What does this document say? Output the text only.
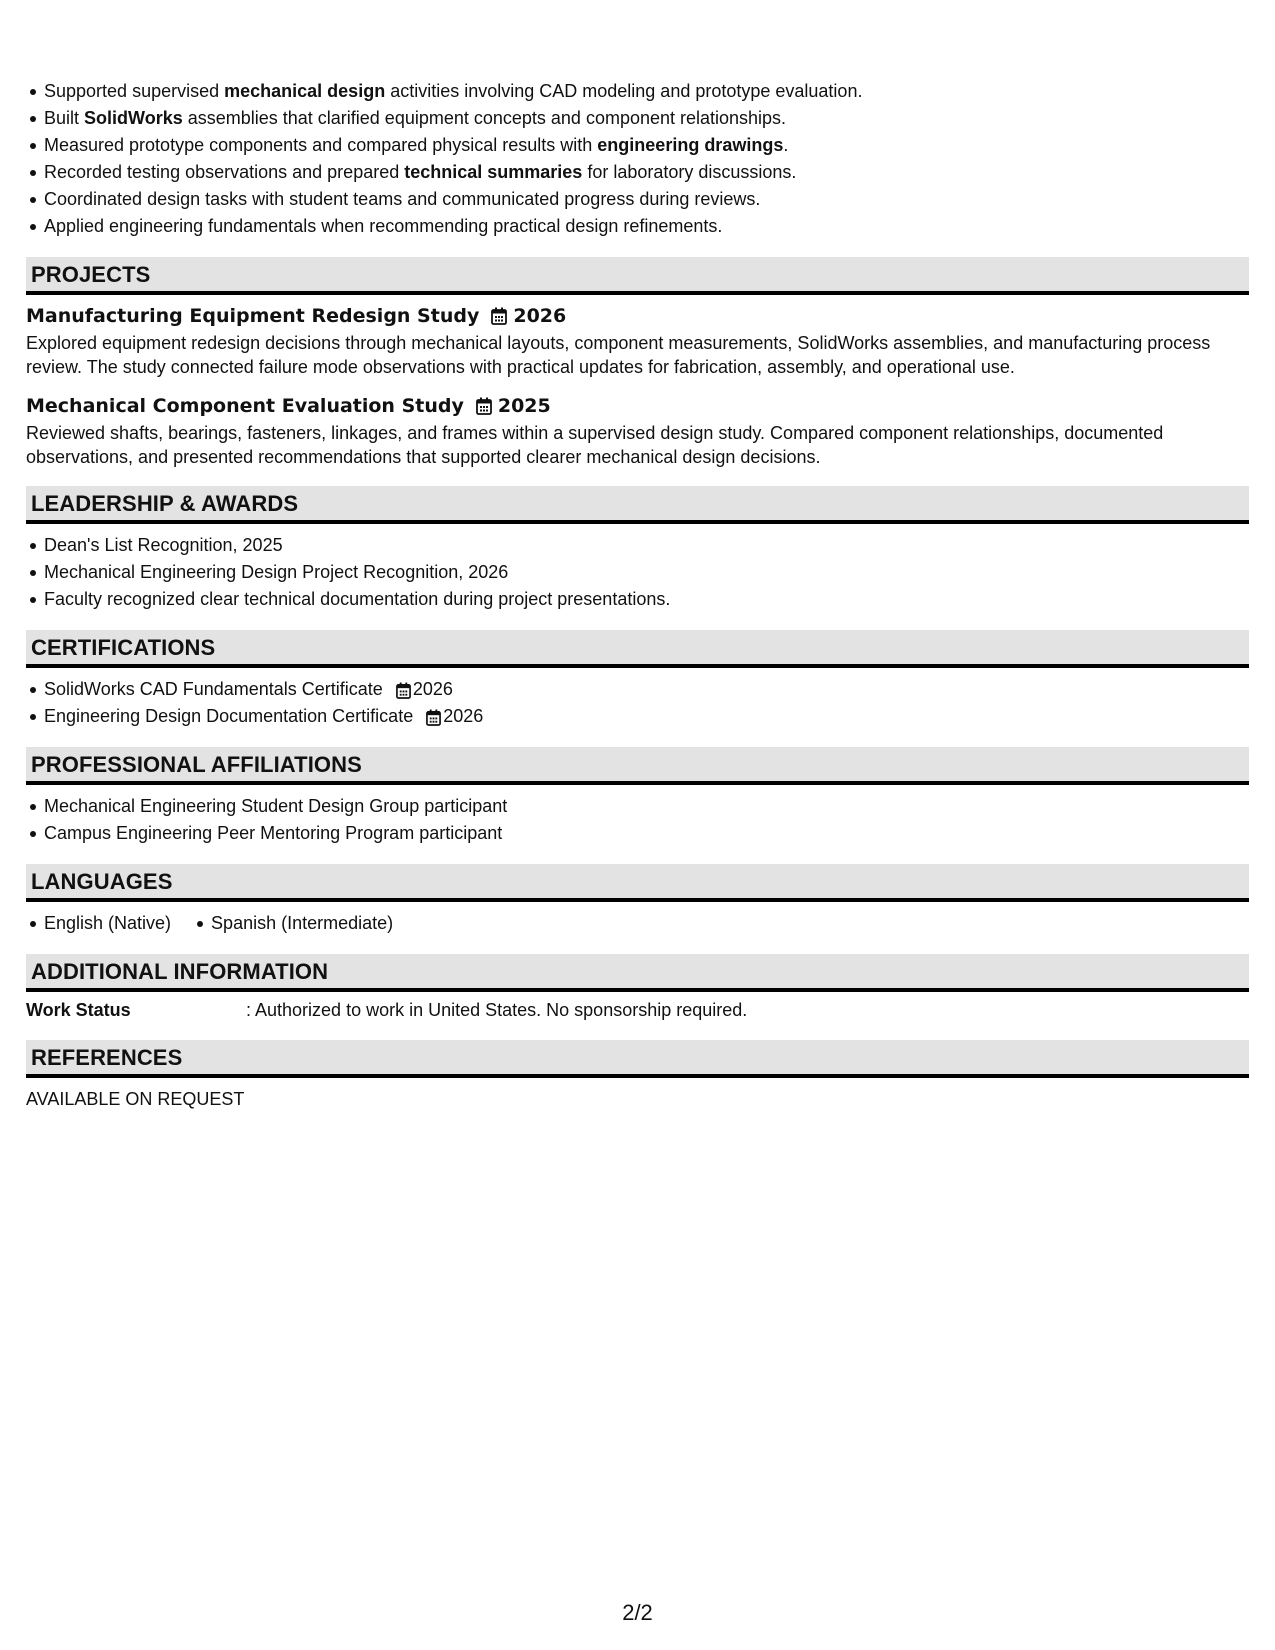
Supported supervised mechanical design activities involving CAD modeling and prototype evaluation.
Built SolidWorks assemblies that clarified equipment concepts and component relationships.
Measured prototype components and compared physical results with engineering drawings.
Recorded testing observations and prepared technical summaries for laboratory discussions.
Coordinated design tasks with student teams and communicated progress during reviews.
Applied engineering fundamentals when recommending practical design refinements.
PROJECTS
Manufacturing Equipment Redesign Study 2026

Explored equipment redesign decisions through mechanical layouts, component measurements, SolidWorks assemblies, and manufacturing process review. The study connected failure mode observations with practical updates for fabrication, assembly, and operational use.

Mechanical Component Evaluation Study 2025

Reviewed shafts, bearings, fasteners, linkages, and frames within a supervised design study. Compared component relationships, documented observations, and presented recommendations that supported clearer mechanical design decisions.

LEADERSHIP & AWARDS
Dean's List Recognition, 2025
Mechanical Engineering Design Project Recognition, 2026
Faculty recognized clear technical documentation during project presentations.
CERTIFICATIONS
SolidWorks CAD Fundamentals Certificate 2026
Engineering Design Documentation Certificate 2026
PROFESSIONAL AFFILIATIONS
Mechanical Engineering Student Design Group participant
Campus Engineering Peer Mentoring Program participant
LANGUAGES
English (Native) Spanish (Intermediate)
ADDITIONAL INFORMATION
Work Status	: Authorized to work in United States. No sponsorship required.
REFERENCES
AVAILABLE ON REQUEST
2/2
